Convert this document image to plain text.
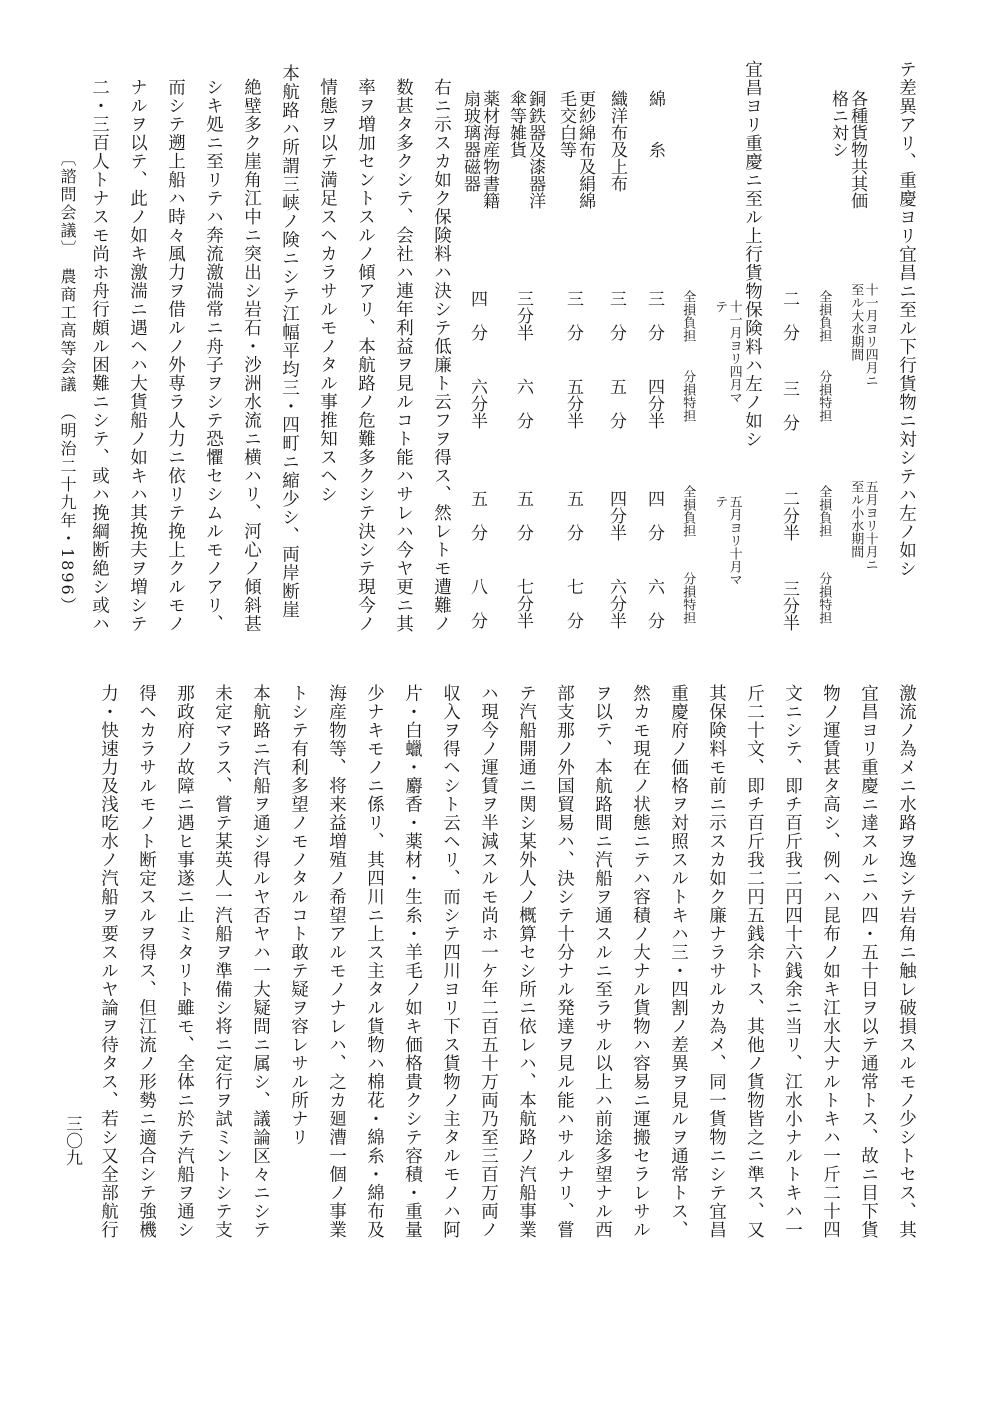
テ差異アリ、重慶ヨリ宜昌ニ至ル下行貨物ニ対シテハ左ノ如シ
各種貨物共其価
格ニ対シ
十一月ヨリ四月ニ
至ル大水期間
五月ヨリ十月ニ
至ル小水期間
全損負担
分損特担
全損負担
分損特担
二　分
三　分
二分半
三分半
宜昌ヨリ重慶ニ至ル上行貨物保険料ハ左ノ如シ
十一月ヨリ四月マ
テ
五月ヨリ十月マ
テ
全損負担
分損特担
全損負担
分損特担
綿　　糸
三　分
四分半
四　分
六　分
織洋布及上布
三　分
五　分
四分半
六分半
更紗綿布及絹綿
毛交白等
三　分
五分半
五　分
七　分
銅鉄器及漆器洋
傘等雑貨
三分半
六　分
五　分
七分半
薬材海産物書籍
扇玻璃器磁器
四　分
六分半
五　分
八　分
右ニ示スカ如ク保険料ハ決シテ低廉ト云フヲ得ス、然レトモ遭難ノ
数甚タ多クシテ、会社ハ連年利益ヲ見ルコト能ハサレハ今ヤ更ニ其
率ヲ増加セントスルノ傾アリ、本航路ノ危難多クシテ決シテ現今ノ
情態ヲ以テ満足スヘカラサルモノタル事推知スヘシ
本航路ハ所謂三峡ノ険ニシテ江幅平均三・四町ニ縮少シ、両岸断崖
絶壁多ク崖角江中ニ突出シ岩石・沙洲水流ニ横ハリ、河心ノ傾斜甚
シキ処ニ至リテハ奔流激湍常ニ舟子ヲシテ恐懼セシムルモノアリ、
而シテ遡上船ハ時々風力ヲ借ルノ外専ラ人力ニ依リテ挽上クルモノ
ナルヲ以テ、此ノ如キ激湍ニ遇ヘハ大貨船ノ如キハ其挽夫ヲ増シテ
二・三百人トナスモ尚ホ舟行頗ル困難ニシテ、或ハ挽綱断絶シ或ハ
〔諮問会議〕　農商工高等会議　（明治二十九年・1896）
激流ノ為メニ水路ヲ逸シテ岩角ニ触レ破損スルモノ少シトセス、其
宜昌ヨリ重慶ニ達スルニハ四・五十日ヲ以テ通常トス、故ニ目下貨
物ノ運賃甚タ高シ、例ヘハ昆布ノ如キ江水大ナルトキハ一斤二十四
文ニシテ、即チ百斤我二円四十六銭余ニ当リ、江水小ナルトキハ一
斤二十文、即チ百斤我二円五銭余トス、其他ノ貨物皆之ニ準ス、又
其保険料モ前ニ示スカ如ク廉ナラサルカ為メ、同一貨物ニシテ宜昌
重慶府ノ価格ヲ対照スルトキハ三・四割ノ差異ヲ見ルヲ通常トス、
然カモ現在ノ状態ニテハ容積ノ大ナル貨物ハ容易ニ運搬セラレサル
ヲ以テ、本航路間ニ汽船ヲ通スルニ至ラサル以上ハ前途多望ナル西
部支那ノ外国貿易ハ、決シテ十分ナル発達ヲ見ル能ハサルナリ、嘗
テ汽船開通ニ関シ某外人ノ概算セシ所ニ依レハ、本航路ノ汽船事業
ハ現今ノ運賃ヲ半減スルモ尚ホ一ケ年二百五十万両乃至三百万両ノ
収入ヲ得ヘシト云ヘリ、而シテ四川ヨリ下ス貨物ノ主タルモノハ阿
片・白蠟・麝香・薬材・生糸・羊毛ノ如キ価格貴クシテ容積・重量
少ナキモノニ係リ、其四川ニ上ス主タル貨物ハ棉花・綿糸・綿布及
海産物等、将来益増殖ノ希望アルモノナレハ、之カ廻漕一個ノ事業
トシテ有利多望ノモノタルコト敢テ疑ヲ容レサル所ナリ
本航路ニ汽船ヲ通シ得ルヤ否ヤハ一大疑問ニ属シ、議論区々ニシテ
未定マラス、嘗テ某英人一汽船ヲ準備シ将ニ定行ヲ試ミントシテ支
那政府ノ故障ニ遇ヒ事遂ニ止ミタリト雖モ、全体ニ於テ汽船ヲ通シ
得ヘカラサルモノト断定スルヲ得ス、但江流ノ形勢ニ適合シテ強機
力・快速力及浅吃水ノ汽船ヲ要スルヤ論ヲ待タス、若シ又全部航行
三〇九
